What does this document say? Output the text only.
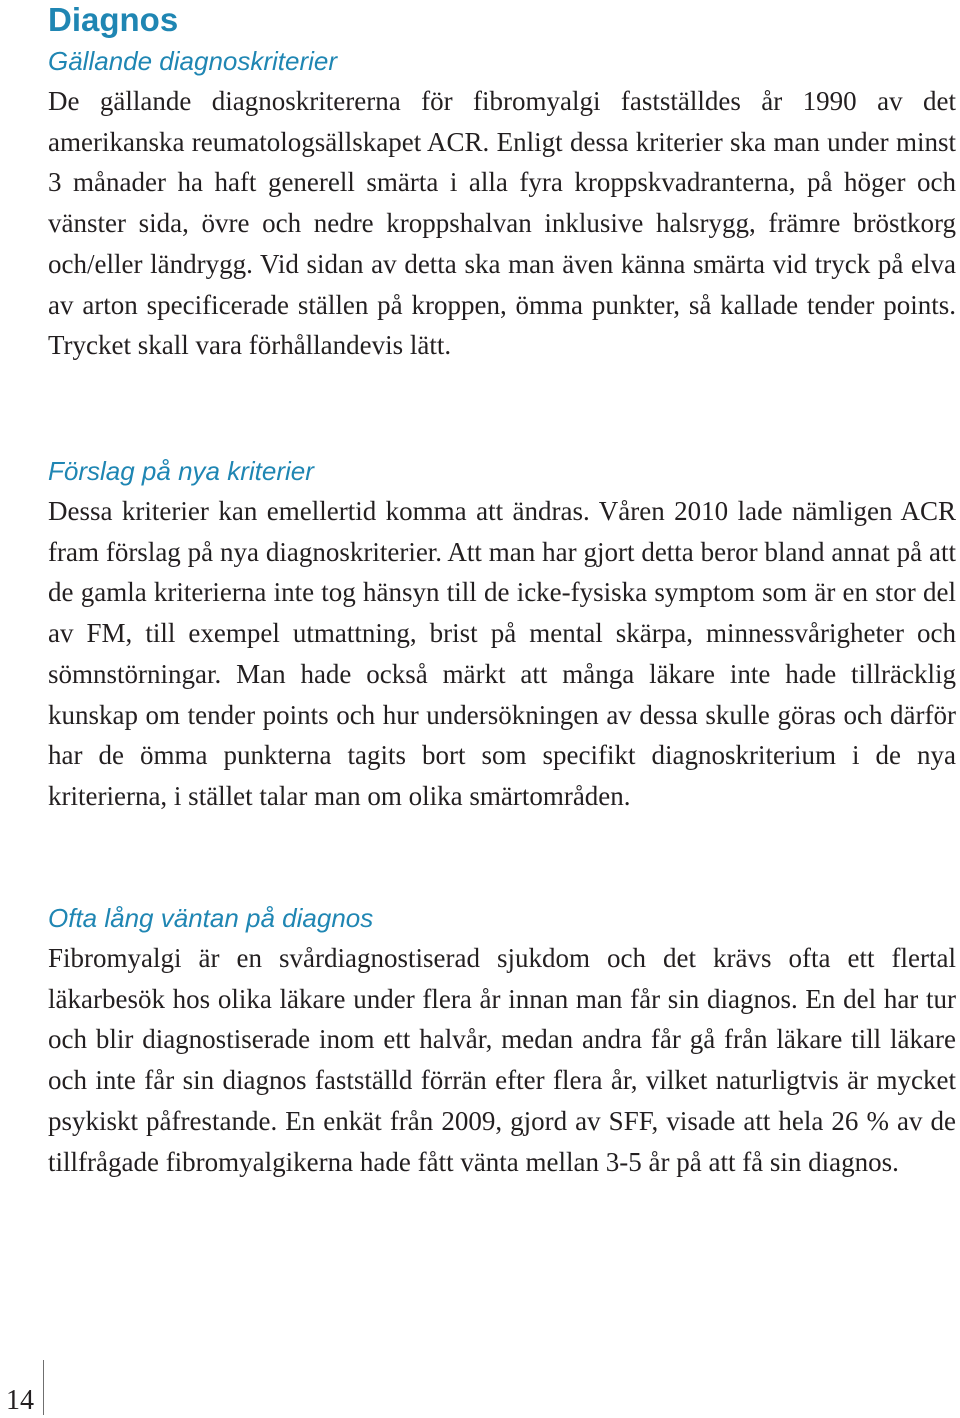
Diagnos
Gällande diagnoskriterier

De gällande diagnoskritererna för fibromyalgi fastställdes år 1990 av det amerikanska reumatologsällskapet ACR. Enligt dessa kriterier ska man under minst 3 månader ha haft generell smärta i alla fyra kroppskvadranterna, på höger och vänster sida, övre och nedre kroppshalvan inklusive halsrygg, främre bröstkorg och/eller ländrygg. Vid sidan av detta ska man även känna smärta vid tryck på elva av arton specificerade ställen på kroppen, ömma punkter, så kallade tender points. Trycket skall vara förhållandevis lätt.

Förslag på nya kriterier

Dessa kriterier kan emellertid komma att ändras. Våren 2010 lade nämligen ACR fram förslag på nya diagnoskriterier. Att man har gjort detta beror bland annat på att de gamla kriterierna inte tog hänsyn till de icke-fysiska symptom som är en stor del av FM, till exempel utmattning, brist på mental skärpa, minnessvårigheter och sömnstörningar. Man hade också märkt att många läkare inte hade tillräcklig kunskap om tender points och hur undersökningen av dessa skulle göras och därför har de ömma punkterna tagits bort som specifikt diagnoskriterium i de nya kriterierna, i stället talar man om olika smärtområden.

Ofta lång väntan på diagnos

Fibromyalgi är en svårdiagnostiserad sjukdom och det krävs ofta ett flertal läkarbesök hos olika läkare under flera år innan man får sin diagnos. En del har tur och blir diagnostiserade inom ett halvår, medan andra får gå från läkare till läkare och inte får sin diagnos fastställd förrän efter flera år, vilket naturligtvis är mycket psykiskt påfrestande. En enkät från 2009, gjord av SFF, visade att hela 26 % av de tillfrågade fibromyalgikerna hade fått vänta mellan 3-5 år på att få sin diagnos.

14
